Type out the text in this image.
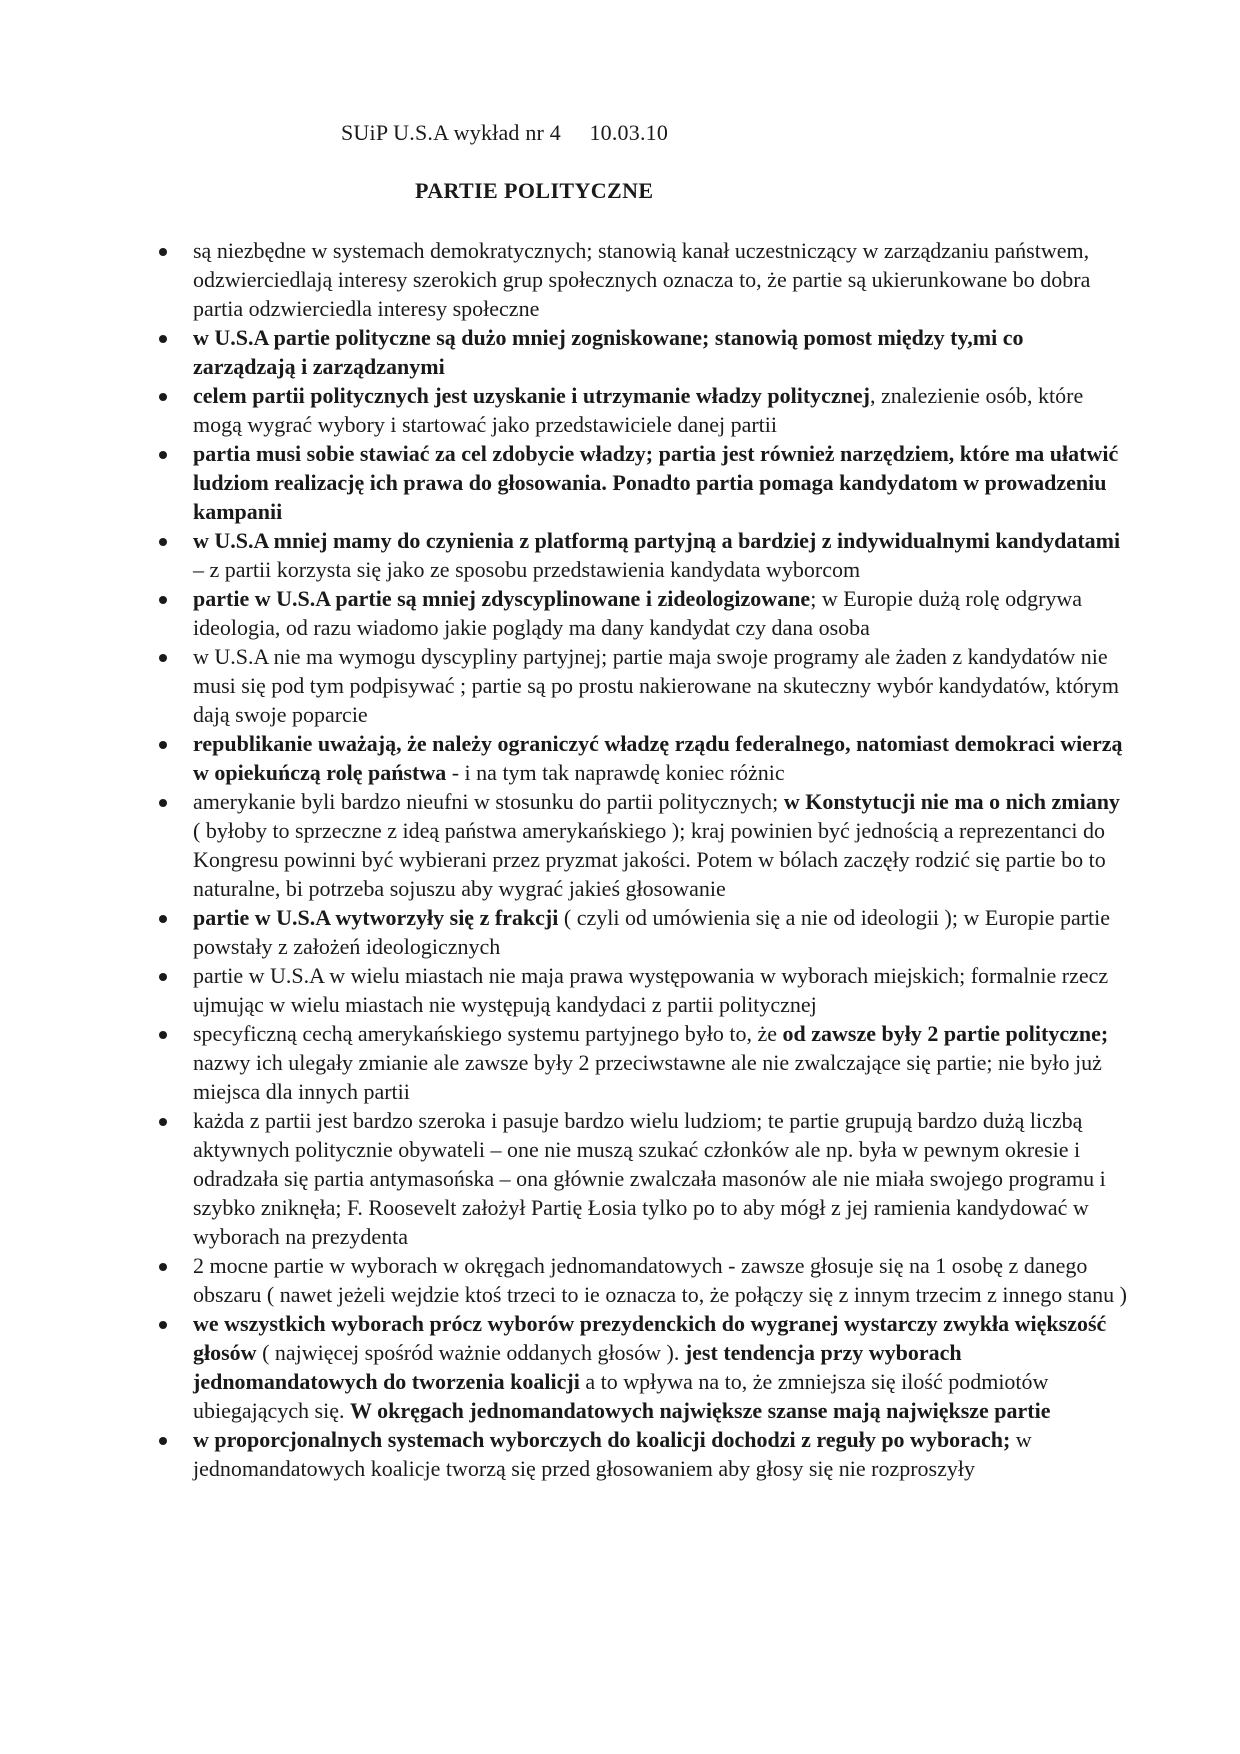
SUiP U.S.A wykład nr 4     10.03.10
PARTIE POLITYCZNE
są niezbędne w systemach demokratycznych; stanowią kanał uczestniczący w zarządzaniu państwem, odzwierciedlają interesy szerokich grup społecznych oznacza to, że partie są ukierunkowane bo dobra partia odzwierciedla interesy społeczne
w U.S.A partie polityczne są dużo mniej zogniskowane; stanowią pomost między ty,mi co zarządzają i zarządzanymi
celem partii politycznych jest uzyskanie i utrzymanie władzy politycznej, znalezienie osób, które mogą wygrać wybory i startować jako przedstawiciele danej partii
partia musi sobie stawiać za cel zdobycie władzy; partia jest również narzędziem, które ma ułatwić ludziom realizację ich prawa do głosowania. Ponadto partia pomaga kandydatom w prowadzeniu kampanii
w U.S.A mniej mamy do czynienia z platformą partyjną a bardziej z indywidualnymi kandydatami – z partii korzysta się jako ze sposobu przedstawienia kandydata wyborcom
partie w U.S.A partie są mniej zdyscyplinowane i zideologizowane; w Europie dużą rolę odgrywa ideologia, od razu wiadomo jakie poglądy ma dany kandydat czy dana osoba
w U.S.A nie ma wymogu dyscypliny partyjnej; partie maja swoje programy ale żaden z kandydatów nie musi się pod tym podpisywać ; partie są po prostu nakierowane na skuteczny wybór kandydatów, którym dają swoje poparcie
republikanie uważają, że należy ograniczyć władzę rządu federalnego, natomiast demokraci wierzą w opiekuńczą rolę państwa - i na tym tak naprawdę koniec różnic
amerykanie byli bardzo nieufni w stosunku do partii politycznych; w Konstytucji nie ma o nich zmiany ( byłoby to sprzeczne z ideą państwa amerykańskiego ); kraj powinien być jednością a reprezentanci do Kongresu powinni być wybierani przez pryzmat jakości. Potem w bólach zaczęły rodzić się partie bo to naturalne, bi potrzeba sojuszu aby wygrać jakieś głosowanie
partie w U.S.A wytworzyły się z frakcji ( czyli od umówienia się a nie od ideologii ); w Europie partie powstały z założeń ideologicznych
partie w U.S.A w wielu miastach nie maja prawa występowania w wyborach miejskich; formalnie rzecz ujmując w wielu miastach nie występują kandydaci z partii politycznej
specyficzną cechą amerykańskiego systemu partyjnego było to, że od zawsze były 2 partie polityczne; nazwy ich ulegały zmianie ale zawsze były 2 przeciwstawne ale nie zwalczające się partie; nie było już miejsca dla innych partii
każda z partii jest bardzo szeroka i pasuje bardzo wielu ludziom; te partie grupują bardzo dużą liczbą aktywnych politycznie obywateli – one nie muszą szukać członków ale np. była w pewnym okresie i odradzała się partia antymasońska – ona głównie zwalczała masonów ale nie miała swojego programu i szybko zniknęła; F. Roosevelt założył Partię Łosia tylko po to aby mógł z jej ramienia kandydować w wyborach na prezydenta
2 mocne partie w wyborach w okręgach jednomandatowych - zawsze głosuje się na 1 osobę z danego obszaru ( nawet jeżeli wejdzie ktoś trzeci to ie oznacza to, że połączy się z innym trzecim z innego stanu )
we wszystkich wyborach prócz wyborów prezydenckich do wygranej wystarczy zwykła większość głosów ( najwięcej spośród ważnie oddanych głosów ). jest tendencja przy wyborach jednomandatowych do tworzenia koalicji a to wpływa na to, że zmniejsza się ilość podmiotów ubiegających się. W okręgach jednomandatowych największe szanse mają największe partie
w proporcjonalnych systemach wyborczych do koalicji dochodzi z reguły po wyborach; w jednomandatowych koalicje tworzą się przed głosowaniem aby głosy się nie rozproszyły
